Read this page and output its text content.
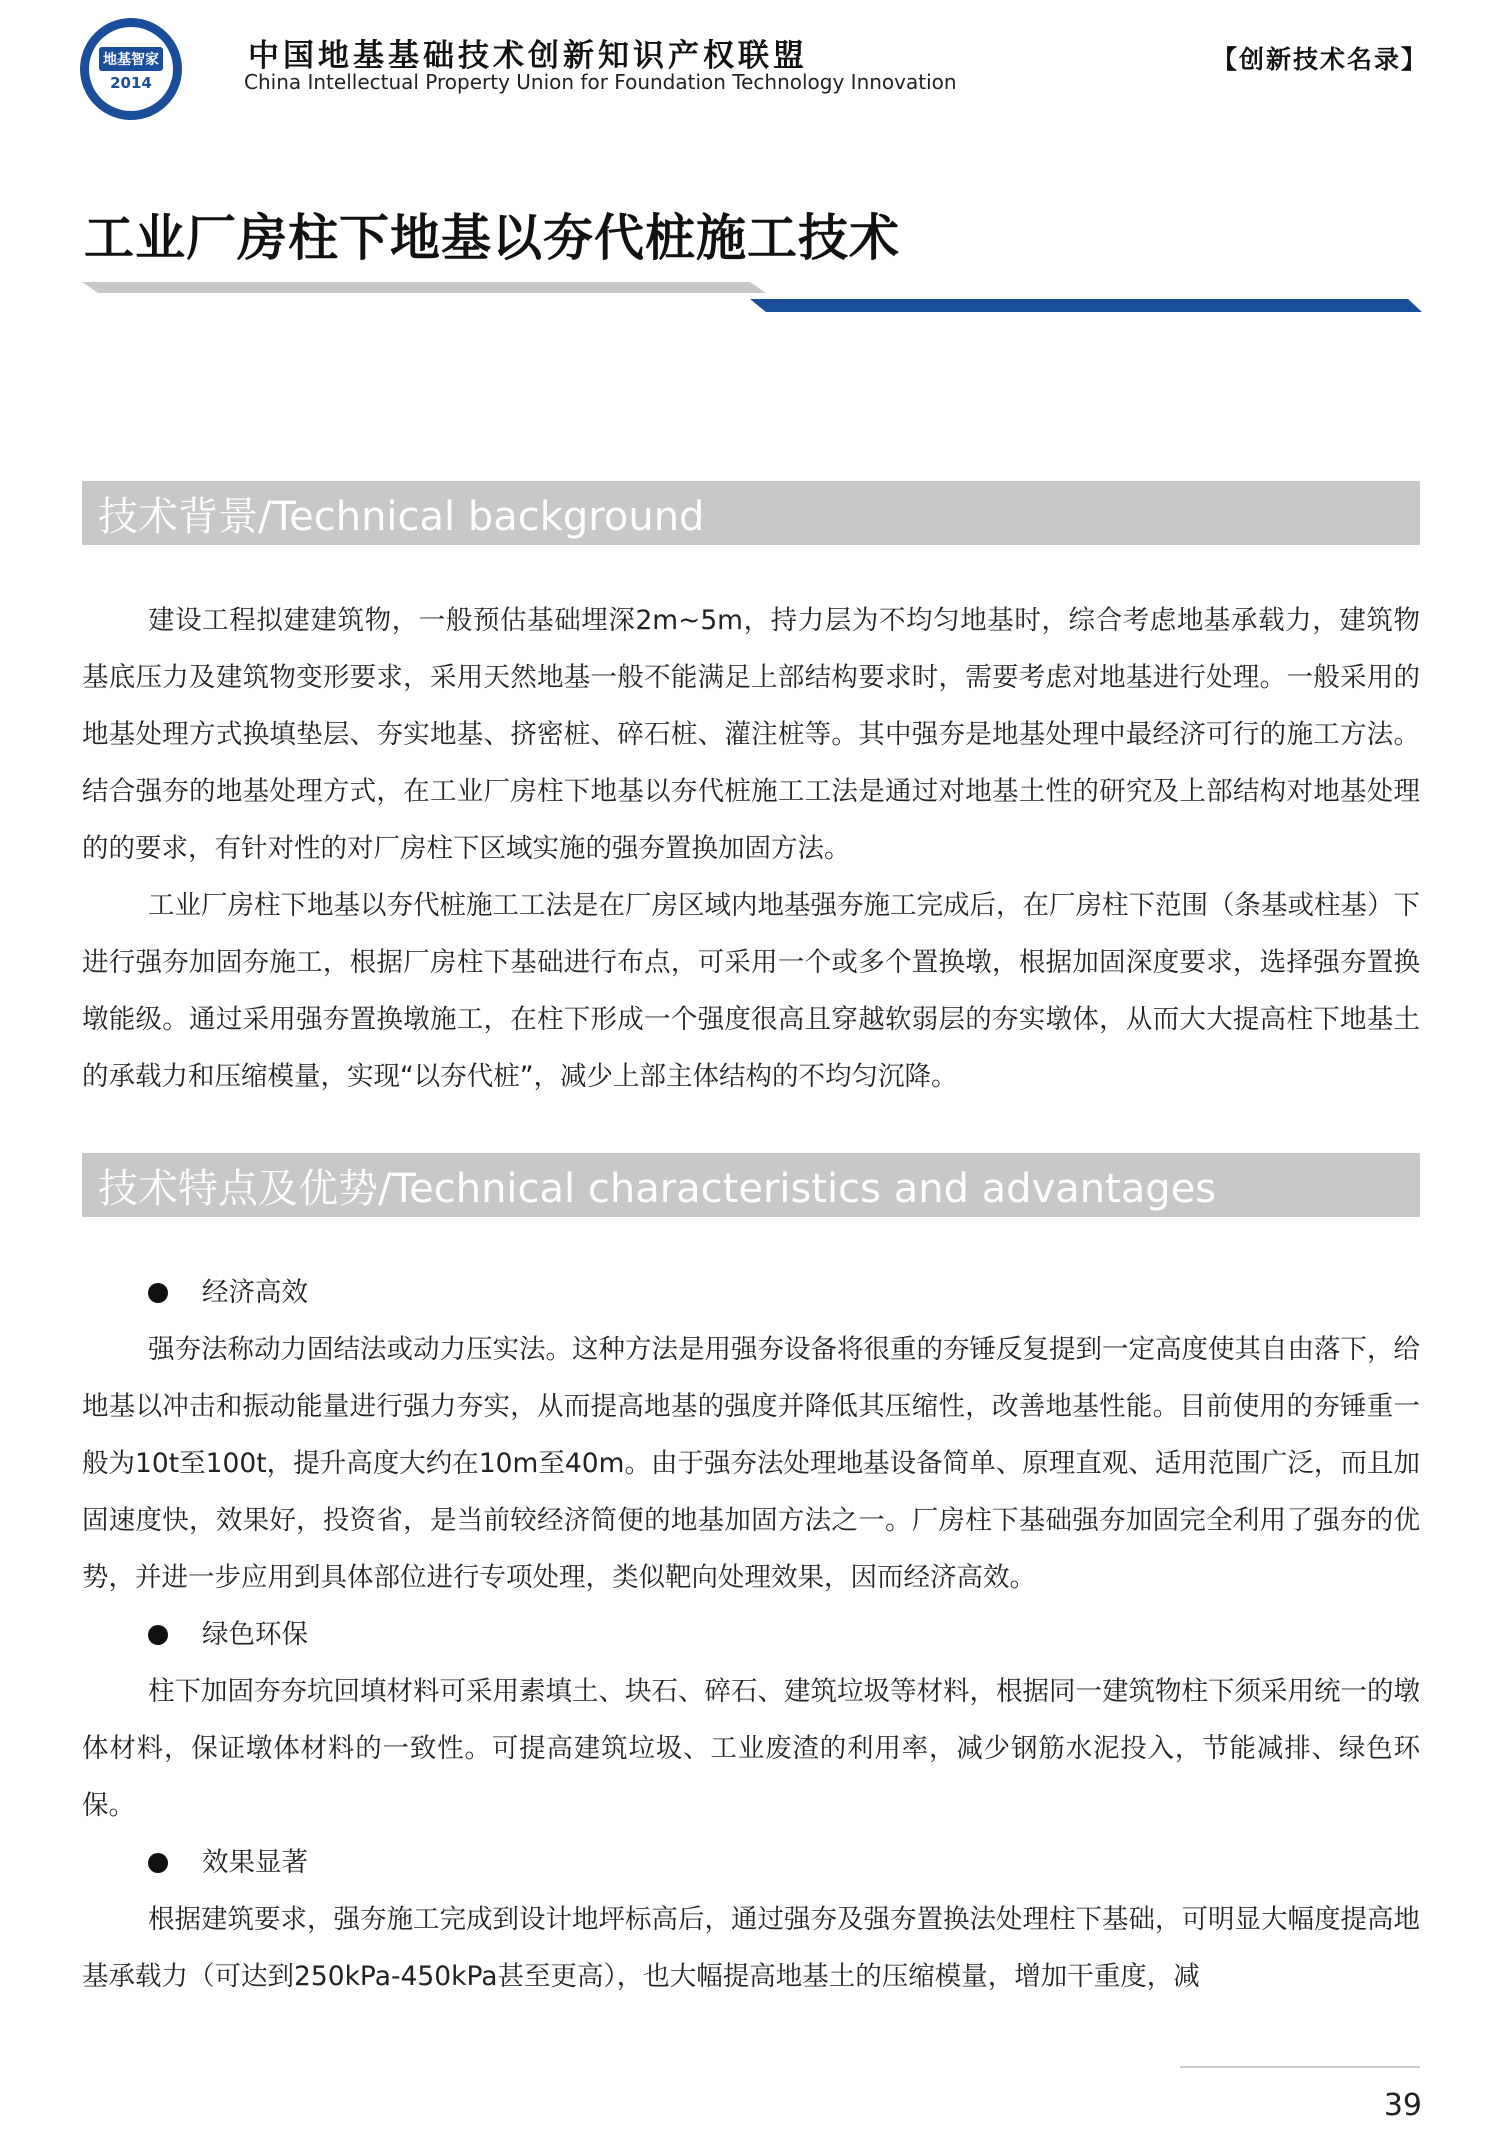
地基智家
2014
中国地基基础技术创新知识产权联盟
China Intellectual Property Union for Foundation Technology Innovation
【创新技术名录】
工业厂房柱下地基以夯代桩施工技术
技术背景/Technical background

建设工程拟建建筑物，一般预估基础埋深2m~5m，持力层为不均匀地基时，综合考虑地基承载力，建筑物基底压力及建筑物变形要求，采用天然地基一般不能满足上部结构要求时，需要考虑对地基进行处理。一般采用的地基处理方式换填垫层、夯实地基、挤密桩、碎石桩、灌注桩等。其中强夯是地基处理中最经济可行的施工方法。结合强夯的地基处理方式，在工业厂房柱下地基以夯代桩施工工法是通过对地基土性的研究及上部结构对地基处理的的要求，有针对性的对厂房柱下区域实施的强夯置换加固方法。

工业厂房柱下地基以夯代桩施工工法是在厂房区域内地基强夯施工完成后，在厂房柱下范围（条基或柱基）下进行强夯加固夯施工，根据厂房柱下基础进行布点，可采用一个或多个置换墩，根据加固深度要求，选择强夯置换墩能级。通过采用强夯置换墩施工，在柱下形成一个强度很高且穿越软弱层的夯实墩体，从而大大提高柱下地基土的承载力和压缩模量，实现“以夯代桩”，减少上部主体结构的不均匀沉降。

技术特点及优势/Technical characteristics and advantages
经济高效

强夯法称动力固结法或动力压实法。这种方法是用强夯设备将很重的夯锤反复提到一定高度使其自由落下，给地基以冲击和振动能量进行强力夯实，从而提高地基的强度并降低其压缩性，改善地基性能。目前使用的夯锤重一般为10t至100t，提升高度大约在10m至40m。由于强夯法处理地基设备简单、原理直观、适用范围广泛，而且加固速度快，效果好，投资省，是当前较经济简便的地基加固方法之一。厂房柱下基础强夯加固完全利用了强夯的优势，并进一步应用到具体部位进行专项处理，类似靶向处理效果，因而经济高效。

绿色环保

柱下加固夯夯坑回填材料可采用素填土、块石、碎石、建筑垃圾等材料，根据同一建筑物柱下须采用统一的墩体材料，保证墩体材料的一致性。可提高建筑垃圾、工业废渣的利用率，减少钢筋水泥投入，节能减排、绿色环保。

效果显著

根据建筑要求，强夯施工完成到设计地坪标高后，通过强夯及强夯置换法处理柱下基础，可明显大幅度提高地基承载力（可达到250kPa-450kPa甚至更高），也大幅提高地基土的压缩模量，增加干重度，减

39
